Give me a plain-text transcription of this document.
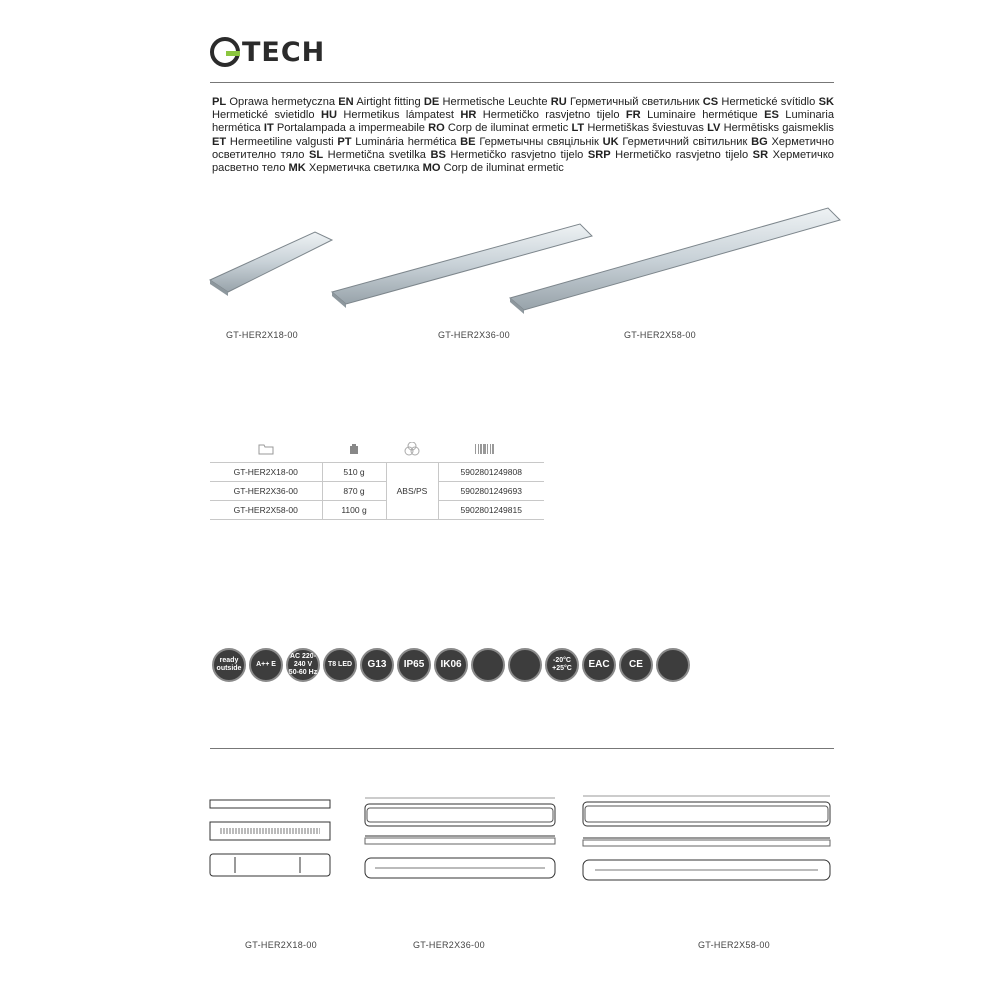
TECH
PL Oprawa hermetyczna EN Airtight fitting DE Hermetische Leuchte RU Герметичный светильник CS Hermetické svítidlo SK Hermetické svietidlo HU Hermetikus lámpatest HR Hermetičko rasvjetno tijelo FR Luminaire hermétique ES Luminaria hermética IT Portalampada a impermeabile RO Corp de iluminat ermetic LT Hermetiškas šviestuvas LV Hermētisks gaismeklis ET Hermeetiline valgusti PT Luminária hermética BE Герметычны свяцільнік UK Герметичний світильник BG Херметично осветително тяло SL Hermetična svetilka BS Hermetičko rasvjetno tijelo SRP Hermetičko rasvjetno tijelo SR Херметичко расветно тело MK Херметичка светилка MO Corp de iluminat ermetic
GT-HER2X18-00	GT-HER2X36-00	GT-HER2X58-00

GT-HER2X18-00	510 g	ABS/PS	5902801249808
GT-HER2X36-00	870 g		5902801249693
GT-HER2X58-00	1100 g		5902801249815
ready outside
A++ E
AC 220-240 V 50-60 Hz
T8 LED	G13	IP65	IK06	-20°C +25°C	EAC	CE
GT-HER2X18-00	GT-HER2X36-00	GT-HER2X58-00
